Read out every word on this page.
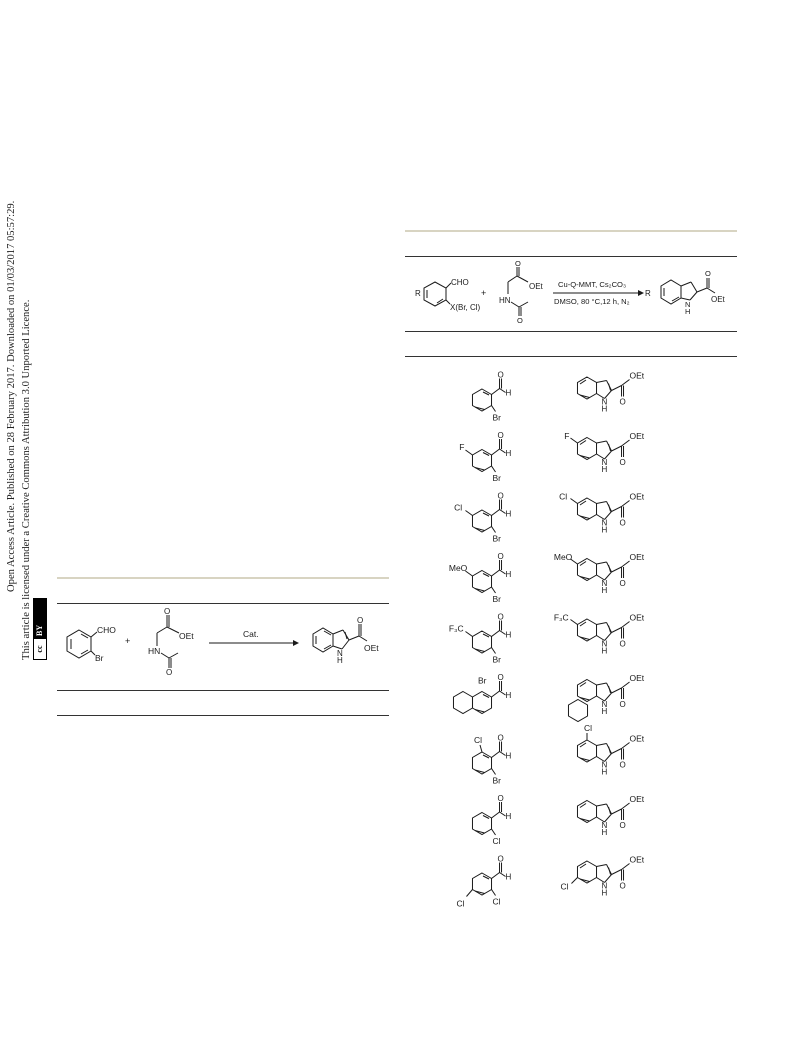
Open Access Article. Published on 28 February 2017. Downloaded on 01/03/2017 05:57:29. This article is licensed under a Creative Commons Attribution 3.0 Unported Licence. cc
BY	CHO
Br
+
O
OEt
HN
O
Cat.
N
H
O
OEt
R
CHO
X(Br, Cl)
+
O
OEt
HN
O
Cu-Q-MMT, Cs₂CO₃
DMSO, 80 °C,12 h, N₂
R
N
H
O
OEt
O
H
Br
O
H
Br
F
O
H
Br
Cl
O
H
Br
MeO
O
H
Br
F₃C
O
H
Br
O
H
Br
Cl
O
H
Cl
O
H
Cl
Cl
N
H
OEt
O
N
H
OEt
O
F
N
H
OEt
O
Cl
N
H
OEt
O
MeO
N
H
OEt
O
F₃C
N
H
OEt
O
N
H
OEt
O
Cl
N
H
OEt
O
N
H
OEt
O
Cl
